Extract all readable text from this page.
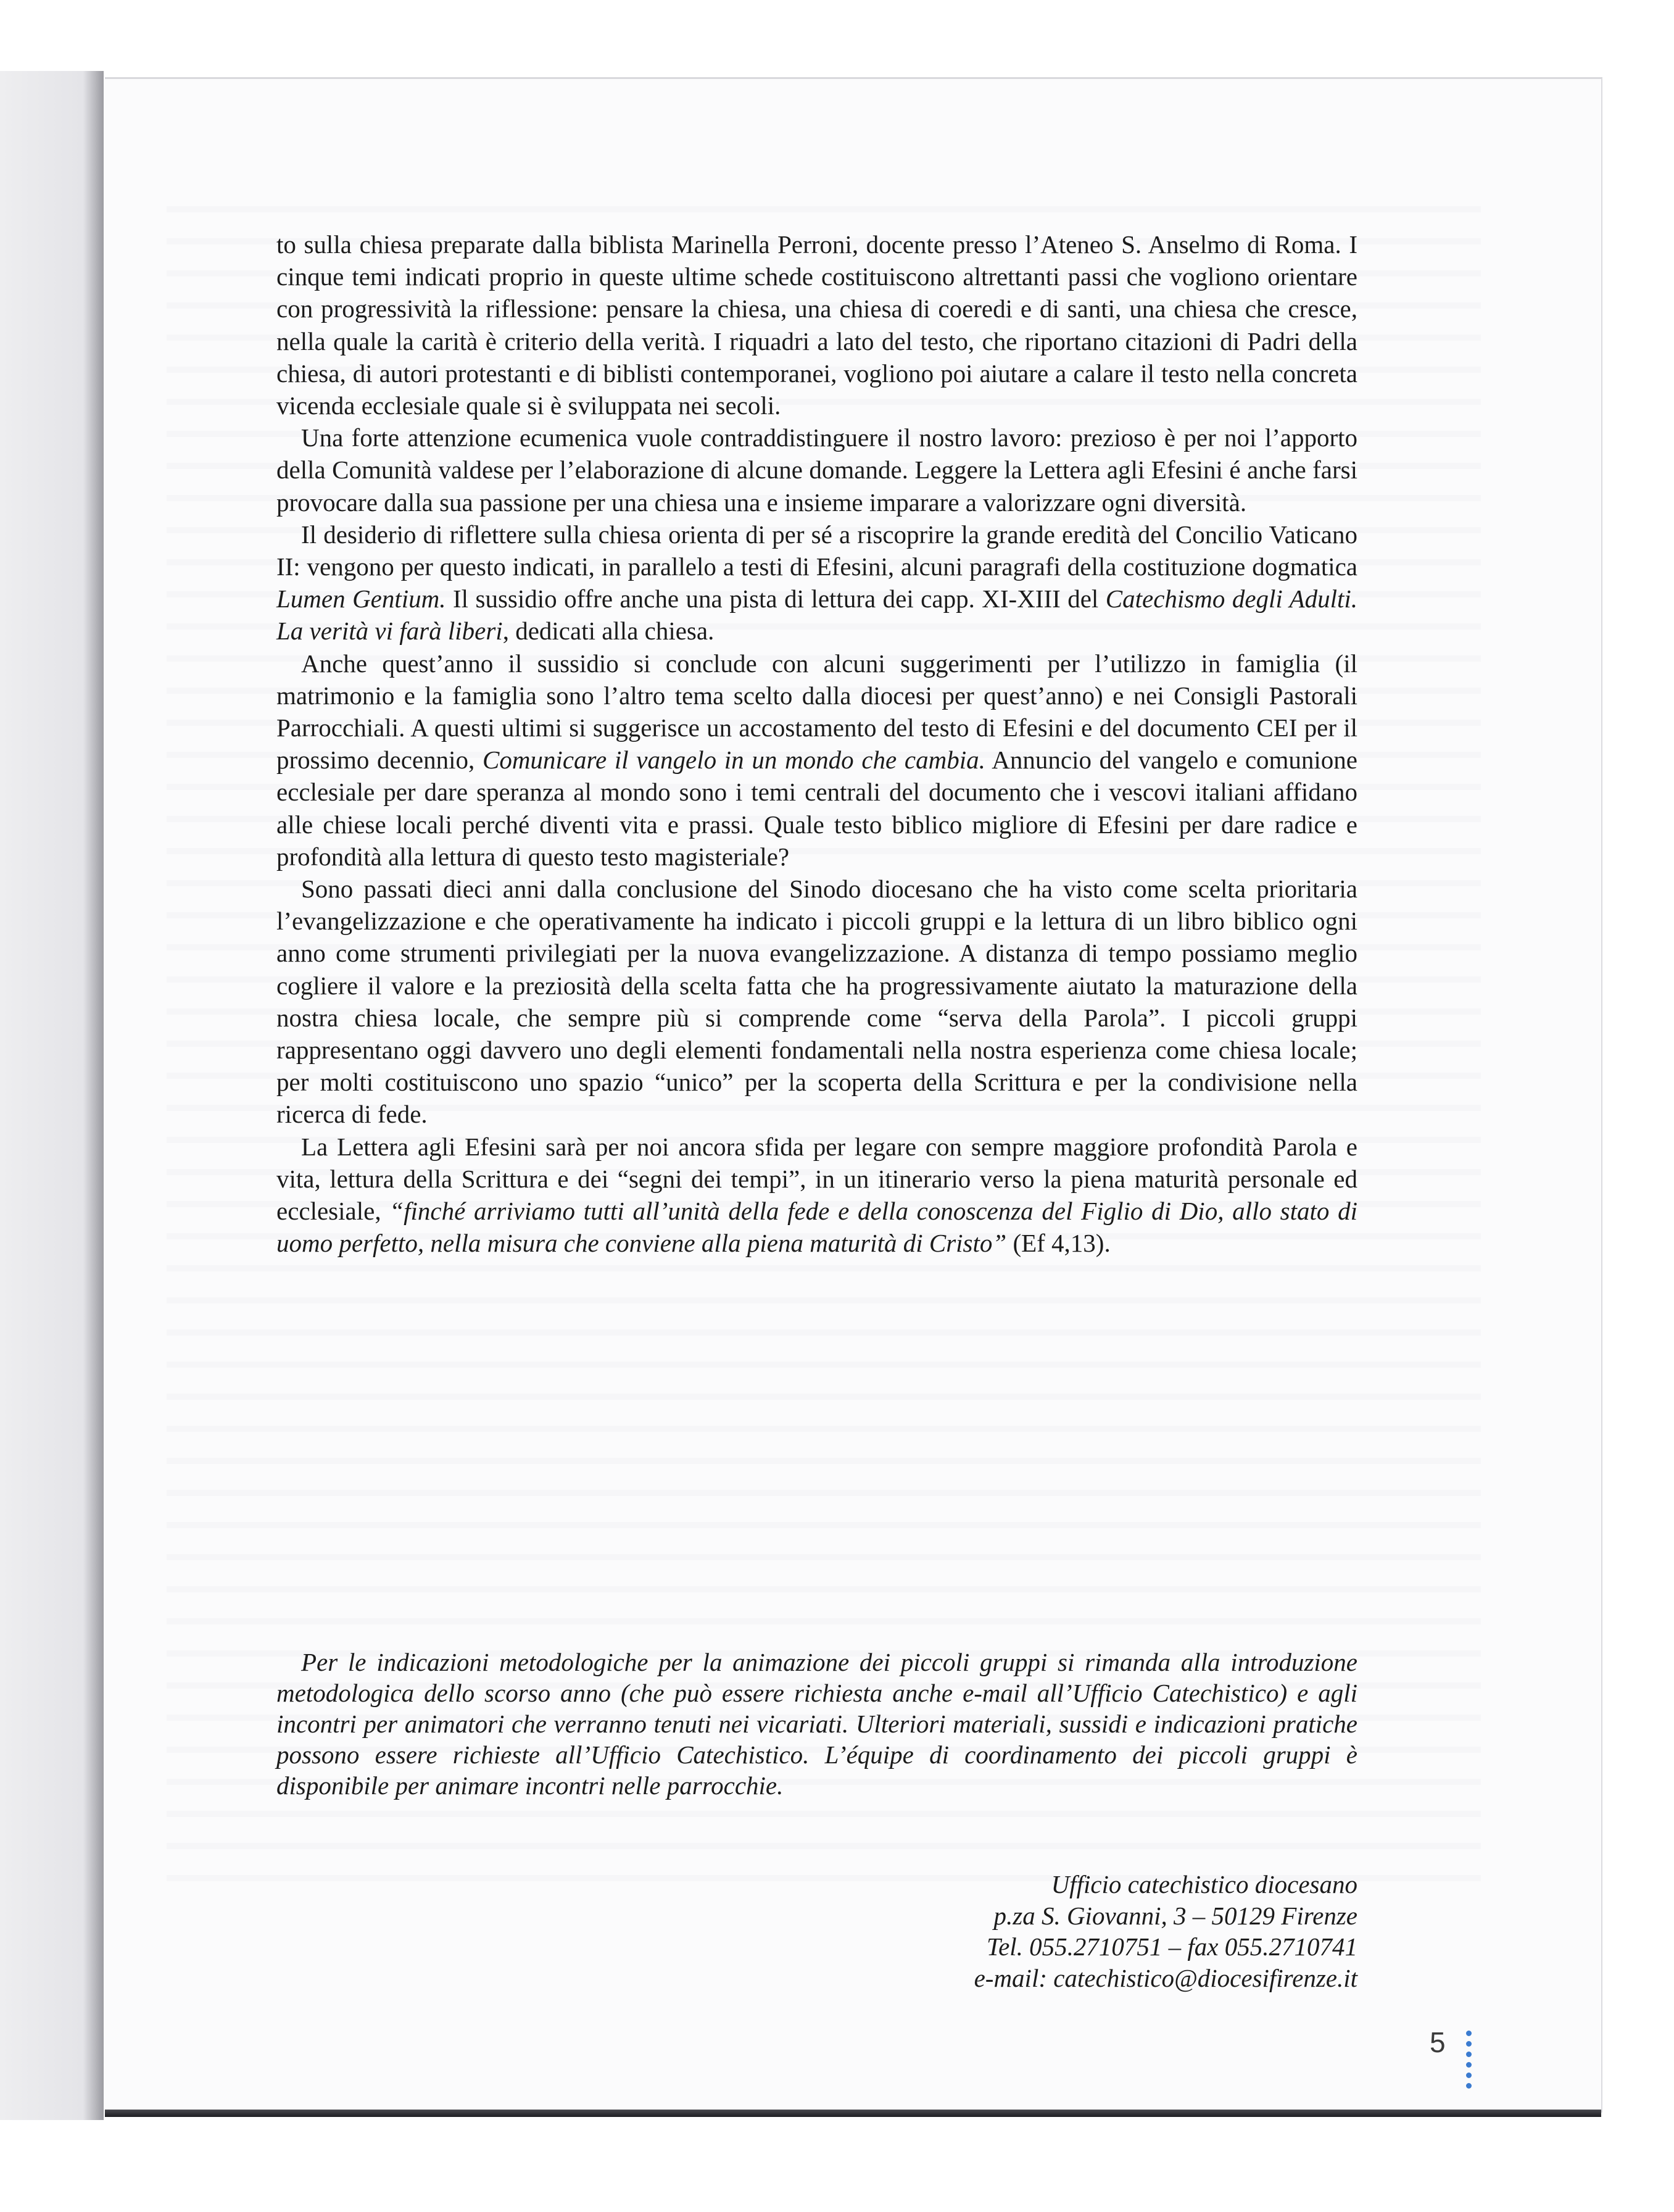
to sulla chiesa preparate dalla biblista Marinella Perroni, docente presso l’Ateneo S. Anselmo di Roma. I cinque temi indicati proprio in queste ultime schede costituiscono altrettanti passi che vogliono orientare con progressività la riflessione: pensare la chiesa, una chiesa di coeredi e di santi, una chiesa che cresce, nella quale la carità è criterio della verità. I riquadri a lato del testo, che riportano citazioni di Padri della chiesa, di autori protestanti e di biblisti contemporanei, vogliono poi aiutare a calare il testo nella concreta vicenda ecclesiale quale si è sviluppata nei secoli.

Una forte attenzione ecumenica vuole contraddistinguere il nostro lavoro: prezioso è per noi l’apporto della Comunità valdese per l’elaborazione di alcune domande. Leggere la Lettera agli Efesini é anche farsi provocare dalla sua passione per una chiesa una e insieme imparare a valorizzare ogni diversità.

Il desiderio di riflettere sulla chiesa orienta di per sé a riscoprire la grande eredità del Concilio Vaticano II: vengono per questo indicati, in parallelo a testi di Efesini, alcuni paragrafi della costituzione dogmatica Lumen Gentium. Il sussidio offre anche una pista di lettura dei capp. XI-XIII del Catechismo degli Adulti. La verità vi farà liberi, dedicati alla chiesa.

Anche quest’anno il sussidio si conclude con alcuni suggerimenti per l’utilizzo in famiglia (il matrimonio e la famiglia sono l’altro tema scelto dalla diocesi per quest’anno) e nei Consigli Pastorali Parrocchiali. A questi ultimi si suggerisce un accostamento del testo di Efesini e del documento CEI per il prossimo decennio, Comunicare il vangelo in un mondo che cambia. Annuncio del vangelo e comunione ecclesiale per dare speranza al mondo sono i temi centrali del documento che i vescovi italiani affidano alle chiese locali perché diventi vita e prassi. Quale testo biblico migliore di Efesini per dare radice e profondità alla lettura di questo testo magisteriale?

Sono passati dieci anni dalla conclusione del Sinodo diocesano che ha visto come scelta prioritaria l’evangelizzazione e che operativamente ha indicato i piccoli gruppi e la lettura di un libro biblico ogni anno come strumenti privilegiati per la nuova evangelizzazione. A distanza di tempo possiamo meglio cogliere il valore e la preziosità della scelta fatta che ha progressivamente aiutato la maturazione della nostra chiesa locale, che sempre più si comprende come “serva della Parola”. I piccoli gruppi rappresentano oggi davvero uno degli elementi fondamentali nella nostra esperienza come chiesa locale; per molti costituiscono uno spazio “unico” per la scoperta della Scrittura e per la condivisione nella ricerca di fede.

La Lettera agli Efesini sarà per noi ancora sfida per legare con sempre maggiore profondità Parola e vita, lettura della Scrittura e dei “segni dei tempi”, in un itinerario verso la piena maturità personale ed ecclesiale, “finché arriviamo tutti all’unità della fede e della conoscenza del Figlio di Dio, allo stato di uomo perfetto, nella misura che conviene alla piena maturità di Cristo” (Ef 4,13).

Per le indicazioni metodologiche per la animazione dei piccoli gruppi si rimanda alla introduzione metodologica dello scorso anno (che può essere richiesta anche e-mail all’Ufficio Catechistico) e agli incontri per animatori che verranno tenuti nei vicariati. Ulteriori materiali, sussidi e indicazioni pratiche possono essere richieste all’Ufficio Catechistico. L’équipe di coordinamento dei piccoli gruppi è disponibile per animare incontri nelle parrocchie.
Ufficio catechistico diocesano
p.za S. Giovanni, 3 – 50129 Firenze
Tel. 055.2710751 – fax 055.2710741
e-mail: catechistico@diocesifirenze.it
5
